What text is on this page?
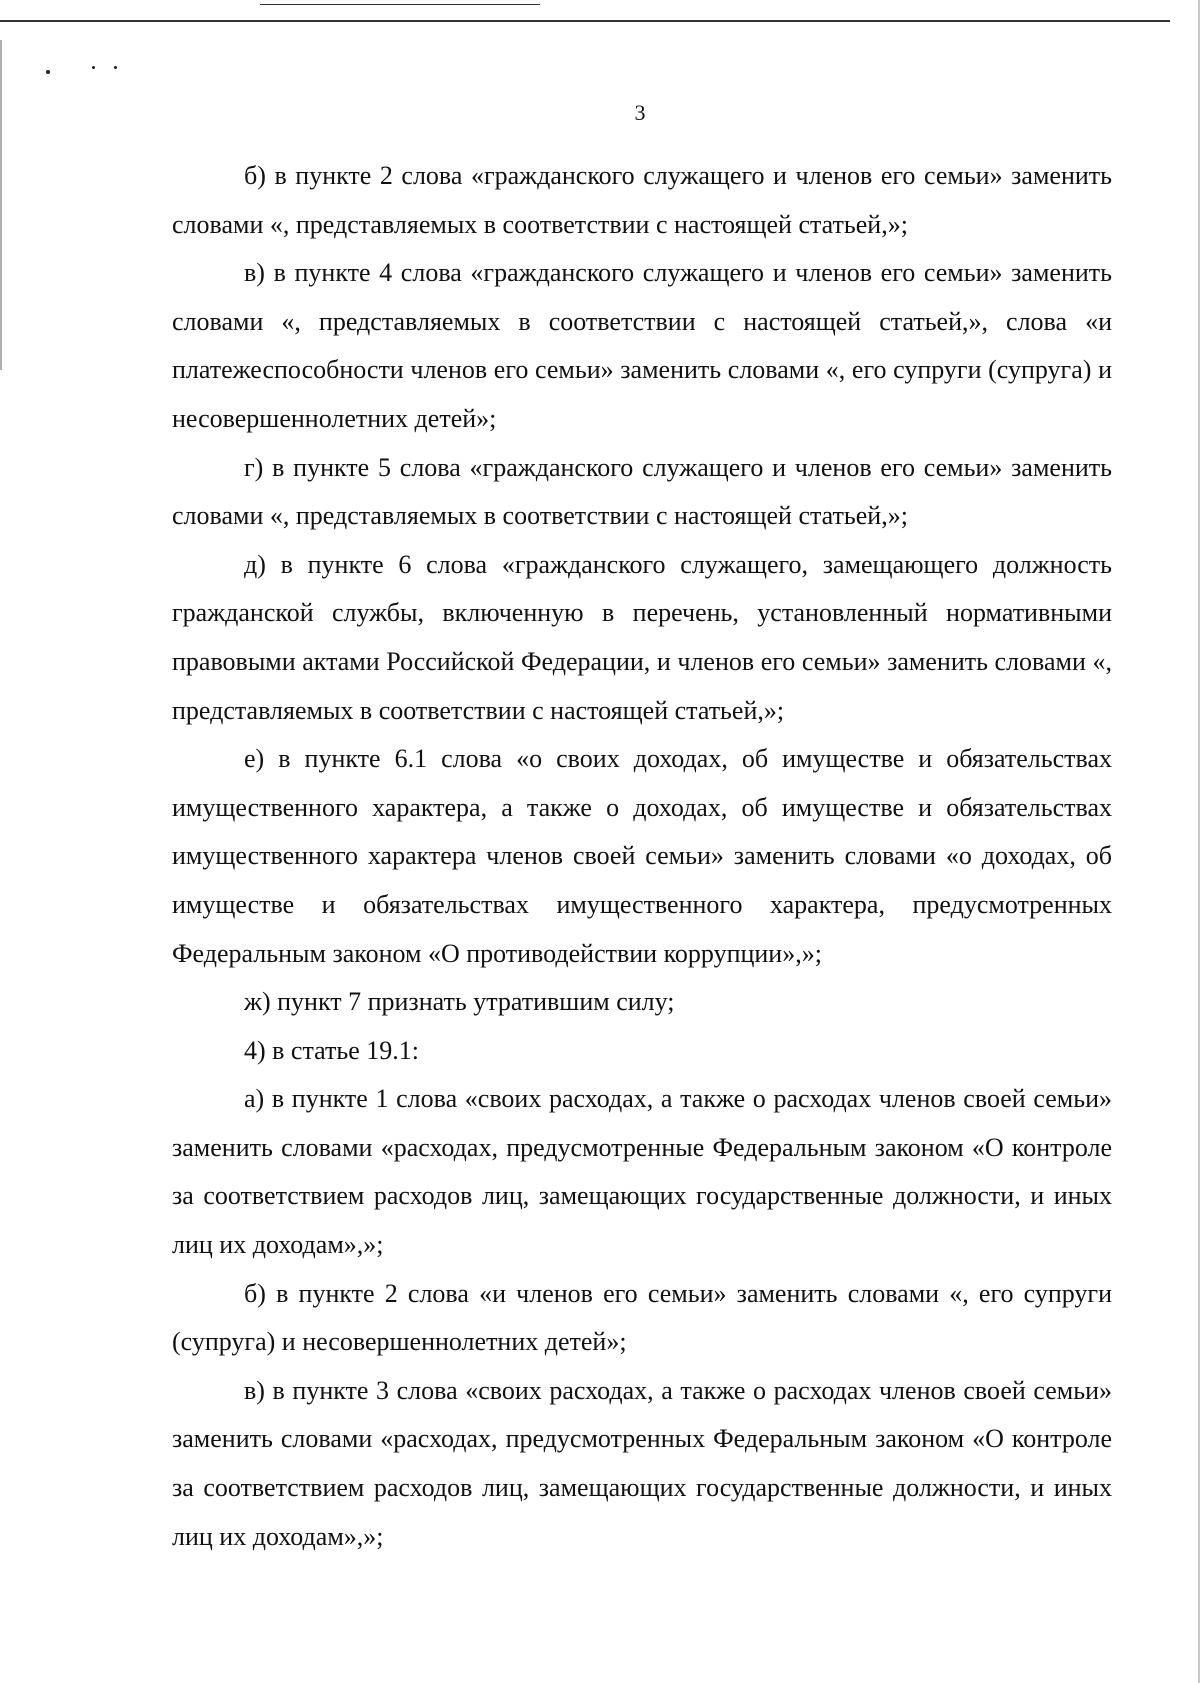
3

б) в пункте 2 слова «гражданского служащего и членов его семьи» заменить словами «, представляемых в соответствии с настоящей статьей,»;

в) в пункте 4 слова «гражданского служащего и членов его семьи» заменить словами «, представляемых в соответствии с настоящей статьей,», слова «и платежеспособности членов его семьи» заменить словами «, его супруги (супруга) и несовершеннолетних детей»;

г) в пункте 5 слова «гражданского служащего и членов его семьи» заменить словами «, представляемых в соответствии с настоящей статьей,»;

д) в пункте 6 слова «гражданского служащего, замещающего должность гражданской службы, включенную в перечень, установленный нормативными правовыми актами Российской Федерации, и членов его семьи» заменить словами «, представляемых в соответствии с настоящей статьей,»;

е) в пункте 6.1 слова «о своих доходах, об имуществе и обязательствах имущественного характера, а также о доходах, об имуществе и обязательствах имущественного характера членов своей семьи» заменить словами «о доходах, об имуществе и обязательствах имущественного характера, предусмотренных Федеральным законом «О противодействии коррупции»,»;

ж) пункт 7 признать утратившим силу;

4) в статье 19.1:

а) в пункте 1 слова «своих расходах, а также о расходах членов своей семьи» заменить словами «расходах, предусмотренные Федеральным законом «О контроле за соответствием расходов лиц, замещающих государственные должности, и иных лиц их доходам»,»;

б) в пункте 2 слова «и членов его семьи» заменить словами «, его супруги (супруга) и несовершеннолетних детей»;

в) в пункте 3 слова «своих расходах, а также о расходах членов своей семьи» заменить словами «расходах, предусмотренных Федеральным законом «О контроле за соответствием расходов лиц, замещающих государственные должности, и иных лиц их доходам»,»;
